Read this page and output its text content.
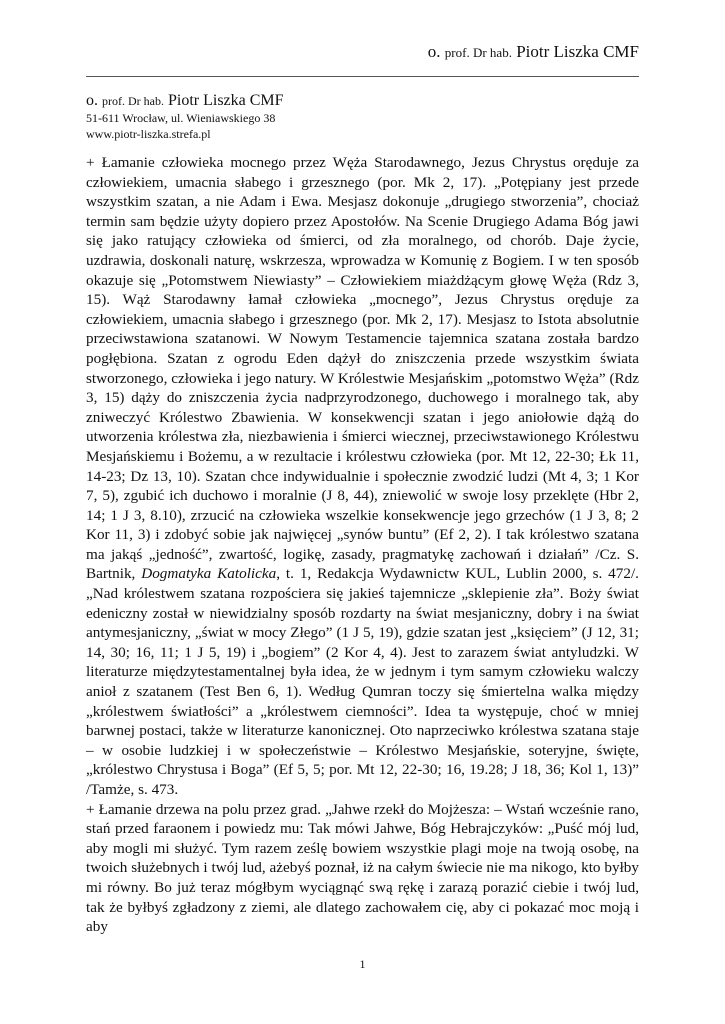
o. prof. Dr hab. Piotr Liszka CMF
o. prof. Dr hab. Piotr Liszka CMF
51-611 Wrocław, ul. Wieniawskiego 38
www.piotr-liszka.strefa.pl

+ Łamanie człowieka mocnego przez Węża Starodawnego, Jezus Chrystus oręduje za człowiekiem, umacnia słabego i grzesznego (por. Mk 2, 17). „Potępiany jest przede wszystkim szatan, a nie Adam i Ewa. Mesjasz dokonuje „drugiego stworzenia”, chociaż termin sam będzie użyty dopiero przez Apostołów. Na Scenie Drugiego Adama Bóg jawi się jako ratujący człowieka od śmierci, od zła moralnego, od chorób. Daje życie, uzdrawia, doskonali naturę, wskrzesza, wprowadza w Komunię z Bogiem. I w ten sposób okazuje się „Potomstwem Niewiasty” – Człowiekiem miażdżącym głowę Węża (Rdz 3, 15). Wąż Starodawny łamał człowieka „mocnego”, Jezus Chrystus oręduje za człowiekiem, umacnia słabego i grzesznego (por. Mk 2, 17). Mesjasz to Istota absolutnie przeciwstawiona szatanowi. W Nowym Testamencie tajemnica szatana została bardzo pogłębiona. Szatan z ogrodu Eden dążył do zniszczenia przede wszystkim świata stworzonego, człowieka i jego natury. W Królestwie Mesjańskim „potomstwo Węża” (Rdz 3, 15) dąży do zniszczenia życia nadprzyrodzonego, duchowego i moralnego tak, aby zniweczyć Królestwo Zbawienia. W konsekwencji szatan i jego aniołowie dążą do utworzenia królestwa zła, niezbawienia i śmierci wiecznej, przeciwstawionego Królestwu Mesjańskiemu i Bożemu, a w rezultacie i królestwu człowieka (por. Mt 12, 22-30; Łk 11, 14-23; Dz 13, 10). Szatan chce indywidualnie i społecznie zwodzić ludzi (Mt 4, 3; 1 Kor 7, 5), zgubić ich duchowo i moralnie (J 8, 44), zniewolić w swoje losy przeklęte (Hbr 2, 14; 1 J 3, 8.10), zrzucić na człowieka wszelkie konsekwencje jego grzechów (1 J 3, 8; 2 Kor 11, 3) i zdobyć sobie jak najwięcej „synów buntu” (Ef 2, 2). I tak królestwo szatana ma jakąś „jedność”, zwartość, logikę, zasady, pragmatykę zachowań i działań” /Cz. S. Bartnik, Dogmatyka Katolicka, t. 1, Redakcja Wydawnictw KUL, Lublin 2000, s. 472/. „Nad królestwem szatana rozpościera się jakieś tajemnicze „sklepienie zła”. Boży świat edeniczny został w niewidzialny sposób rozdarty na świat mesjaniczny, dobry i na świat antymesjaniczny, „świat w mocy Złego” (1 J 5, 19), gdzie szatan jest „księciem” (J 12, 31; 14, 30; 16, 11; 1 J 5, 19) i „bogiem” (2 Kor 4, 4). Jest to zarazem świat antyludzki. W literaturze międzytestamentalnej była idea, że w jednym i tym samym człowieku walczy anioł z szatanem (Test Ben 6, 1). Według Qumran toczy się śmiertelna walka między „królestwem światłości” a „królestwem ciemności”. Idea ta występuje, choć w mniej barwnej postaci, także w literaturze kanonicznej. Oto naprzeciwko królestwa szatana staje – w osobie ludzkiej i w społeczeństwie – Królestwo Mesjańskie, soteryjne, święte, „królestwo Chrystusa i Boga” (Ef 5, 5; por. Mt 12, 22-30; 16, 19.28; J 18, 36; Kol 1, 13)” /Tamże, s. 473.

+ Łamanie drzewa na polu przez grad. „Jahwe rzekł do Mojżesza: – Wstań wcześnie rano, stań przed faraonem i powiedz mu: Tak mówi Jahwe, Bóg Hebrajczyków: „Puść mój lud, aby mogli mi służyć. Tym razem ześlę bowiem wszystkie plagi moje na twoją osobę, na twoich służebnych i twój lud, ażebyś poznał, iż na całym świecie nie ma nikogo, kto byłby mi równy. Bo już teraz mógłbym wyciągnąć swą rękę i zarazą porazić ciebie i twój lud, tak że byłbyś zgładzony z ziemi, ale dlatego zachowałem cię, aby ci pokazać moc moją i aby

1
